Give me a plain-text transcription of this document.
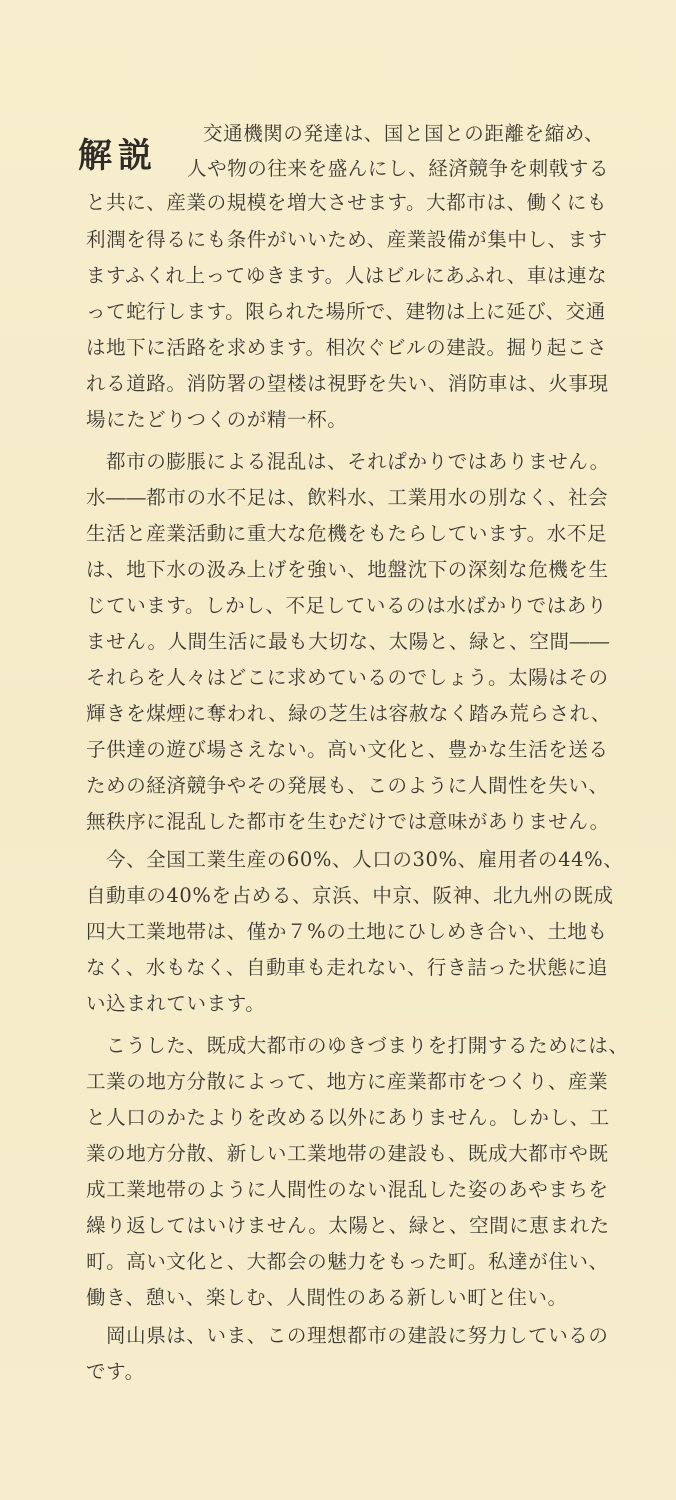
解説

交通機関の発達は、国と国との距離を縮め、

人や物の往来を盛んにし、経済競争を刺戟する

と共に、産業の規模を増大させます。大都市は、働くにも

利潤を得るにも条件がいいため、産業設備が集中し、ます

ますふくれ上ってゆきます。人はビルにあふれ、車は連な

って蛇行します。限られた場所で、建物は上に延び、交通

は地下に活路を求めます。相次ぐビルの建設。掘り起こさ

れる道路。消防署の望楼は視野を失い、消防車は、火事現

場にたどりつくのが精一杯。

都市の膨脹による混乱は、それぱかりではありません。

水――都市の水不足は、飲料水、工業用水の別なく、社会

生活と産業活動に重大な危機をもたらしています。水不足

は、地下水の汲み上げを強い、地盤沈下の深刻な危機を生

じています。しかし、不足しているのは水ばかりではあり

ません。人間生活に最も大切な、太陽と、緑と、空間――

それらを人々はどこに求めているのでしょう。太陽はその

輝きを煤煙に奪われ、緑の芝生は容赦なく踏み荒らされ、

子供達の遊び場さえない。高い文化と、豊かな生活を送る

ための経済競争やその発展も、このように人間性を失い、

無秩序に混乱した都市を生むだけでは意味がありません。

今、全国工業生産の60%、人口の30%、雇用者の44%、

自動車の40%を占める、京浜、中京、阪神、北九州の既成

四大工業地帯は、僅か７%の土地にひしめき合い、土地も

なく、水もなく、自動車も走れない、行き詰った状態に追

い込まれています。

こうした、既成大都市のゆきづまりを打開するためには、

工業の地方分散によって、地方に産業都市をつくり、産業

と人口のかたよりを改める以外にありません。しかし、工

業の地方分散、新しい工業地帯の建設も、既成大都市や既

成工業地帯のように人間性のない混乱した姿のあやまちを

繰り返してはいけません。太陽と、緑と、空間に恵まれた

町。高い文化と、大都会の魅力をもった町。私達が住い、

働き、憩い、楽しむ、人間性のある新しい町と住い。

岡山県は、いま、この理想都市の建設に努力しているの

です。
